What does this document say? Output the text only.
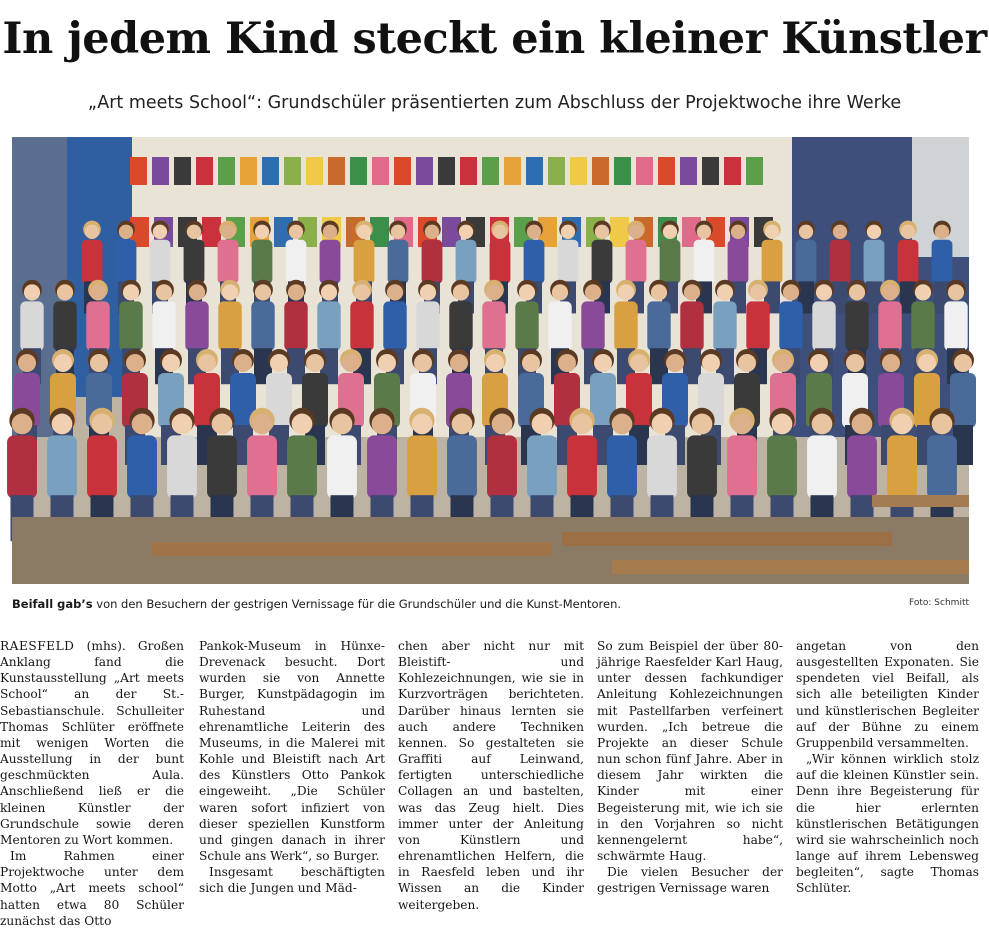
In jedem Kind steckt ein kleiner Künstler
„Art meets School“: Grundschüler präsentierten zum Abschluss der Projektwoche ihre Werke
Beifall gab’s von den Besuchern der gestrigen Vernissage für die Grundschüler und die Kunst-Mentoren.	Foto: Schmitt

RAESFELD (mhs). Großen Anklang fand die Kunstausstellung „Art meets School“ an der St.-Sebastianschule. Schulleiter Thomas Schlüter eröffnete mit wenigen Worten die Ausstellung in der bunt geschmückten Aula. Anschließend ließ er die kleinen Künstler der Grundschule sowie deren Mentoren zu Wort kommen.

Im Rahmen einer Projektwoche unter dem Motto „Art meets school“ hatten etwa 80 Schüler zunächst das Otto

Pankok-Museum in Hünxe-Drevenack besucht. Dort wurden sie von Annette Burger, Kunstpädagogin im Ruhestand und ehrenamtliche Leiterin des Museums, in die Malerei mit Kohle und Bleistift nach Art des Künstlers Otto Pankok eingeweiht. „Die Schüler waren sofort infiziert von dieser speziellen Kunstform und gingen danach in ihrer Schule ans Werk“, so Burger.

Insgesamt beschäftigten sich die Jungen und Mäd-

chen aber nicht nur mit Bleistift- und Kohlezeichnungen, wie sie in Kurzvorträgen berichteten. Darüber hinaus lernten sie auch andere Techniken kennen. So gestalteten sie Graffiti auf Leinwand, fertigten unterschiedliche Collagen an und bastelten, was das Zeug hielt. Dies immer unter der Anleitung von Künstlern und ehrenamtlichen Helfern, die in Raesfeld leben und ihr Wissen an die Kinder weitergeben.

So zum Beispiel der über 80-jährige Raesfelder Karl Haug, unter dessen fachkundiger Anleitung Kohlezeichnungen mit Pastellfarben verfeinert wurden. „Ich betreue die Projekte an dieser Schule nun schon fünf Jahre. Aber in diesem Jahr wirkten die Kinder mit einer Begeisterung mit, wie ich sie in den Vorjahren so nicht kennengelernt habe“, schwärmte Haug.

Die vielen Besucher der gestrigen Vernissage waren

angetan von den ausgestellten Exponaten. Sie spendeten viel Beifall, als sich alle beteiligten Kinder und künstlerischen Begleiter auf der Bühne zu einem Gruppenbild versammelten.

„Wir können wirklich stolz auf die kleinen Künstler sein. Denn ihre Begeisterung für die hier erlernten künstlerischen Betätigungen wird sie wahrscheinlich noch lange auf ihrem Lebensweg begleiten“, sagte Thomas Schlüter.
